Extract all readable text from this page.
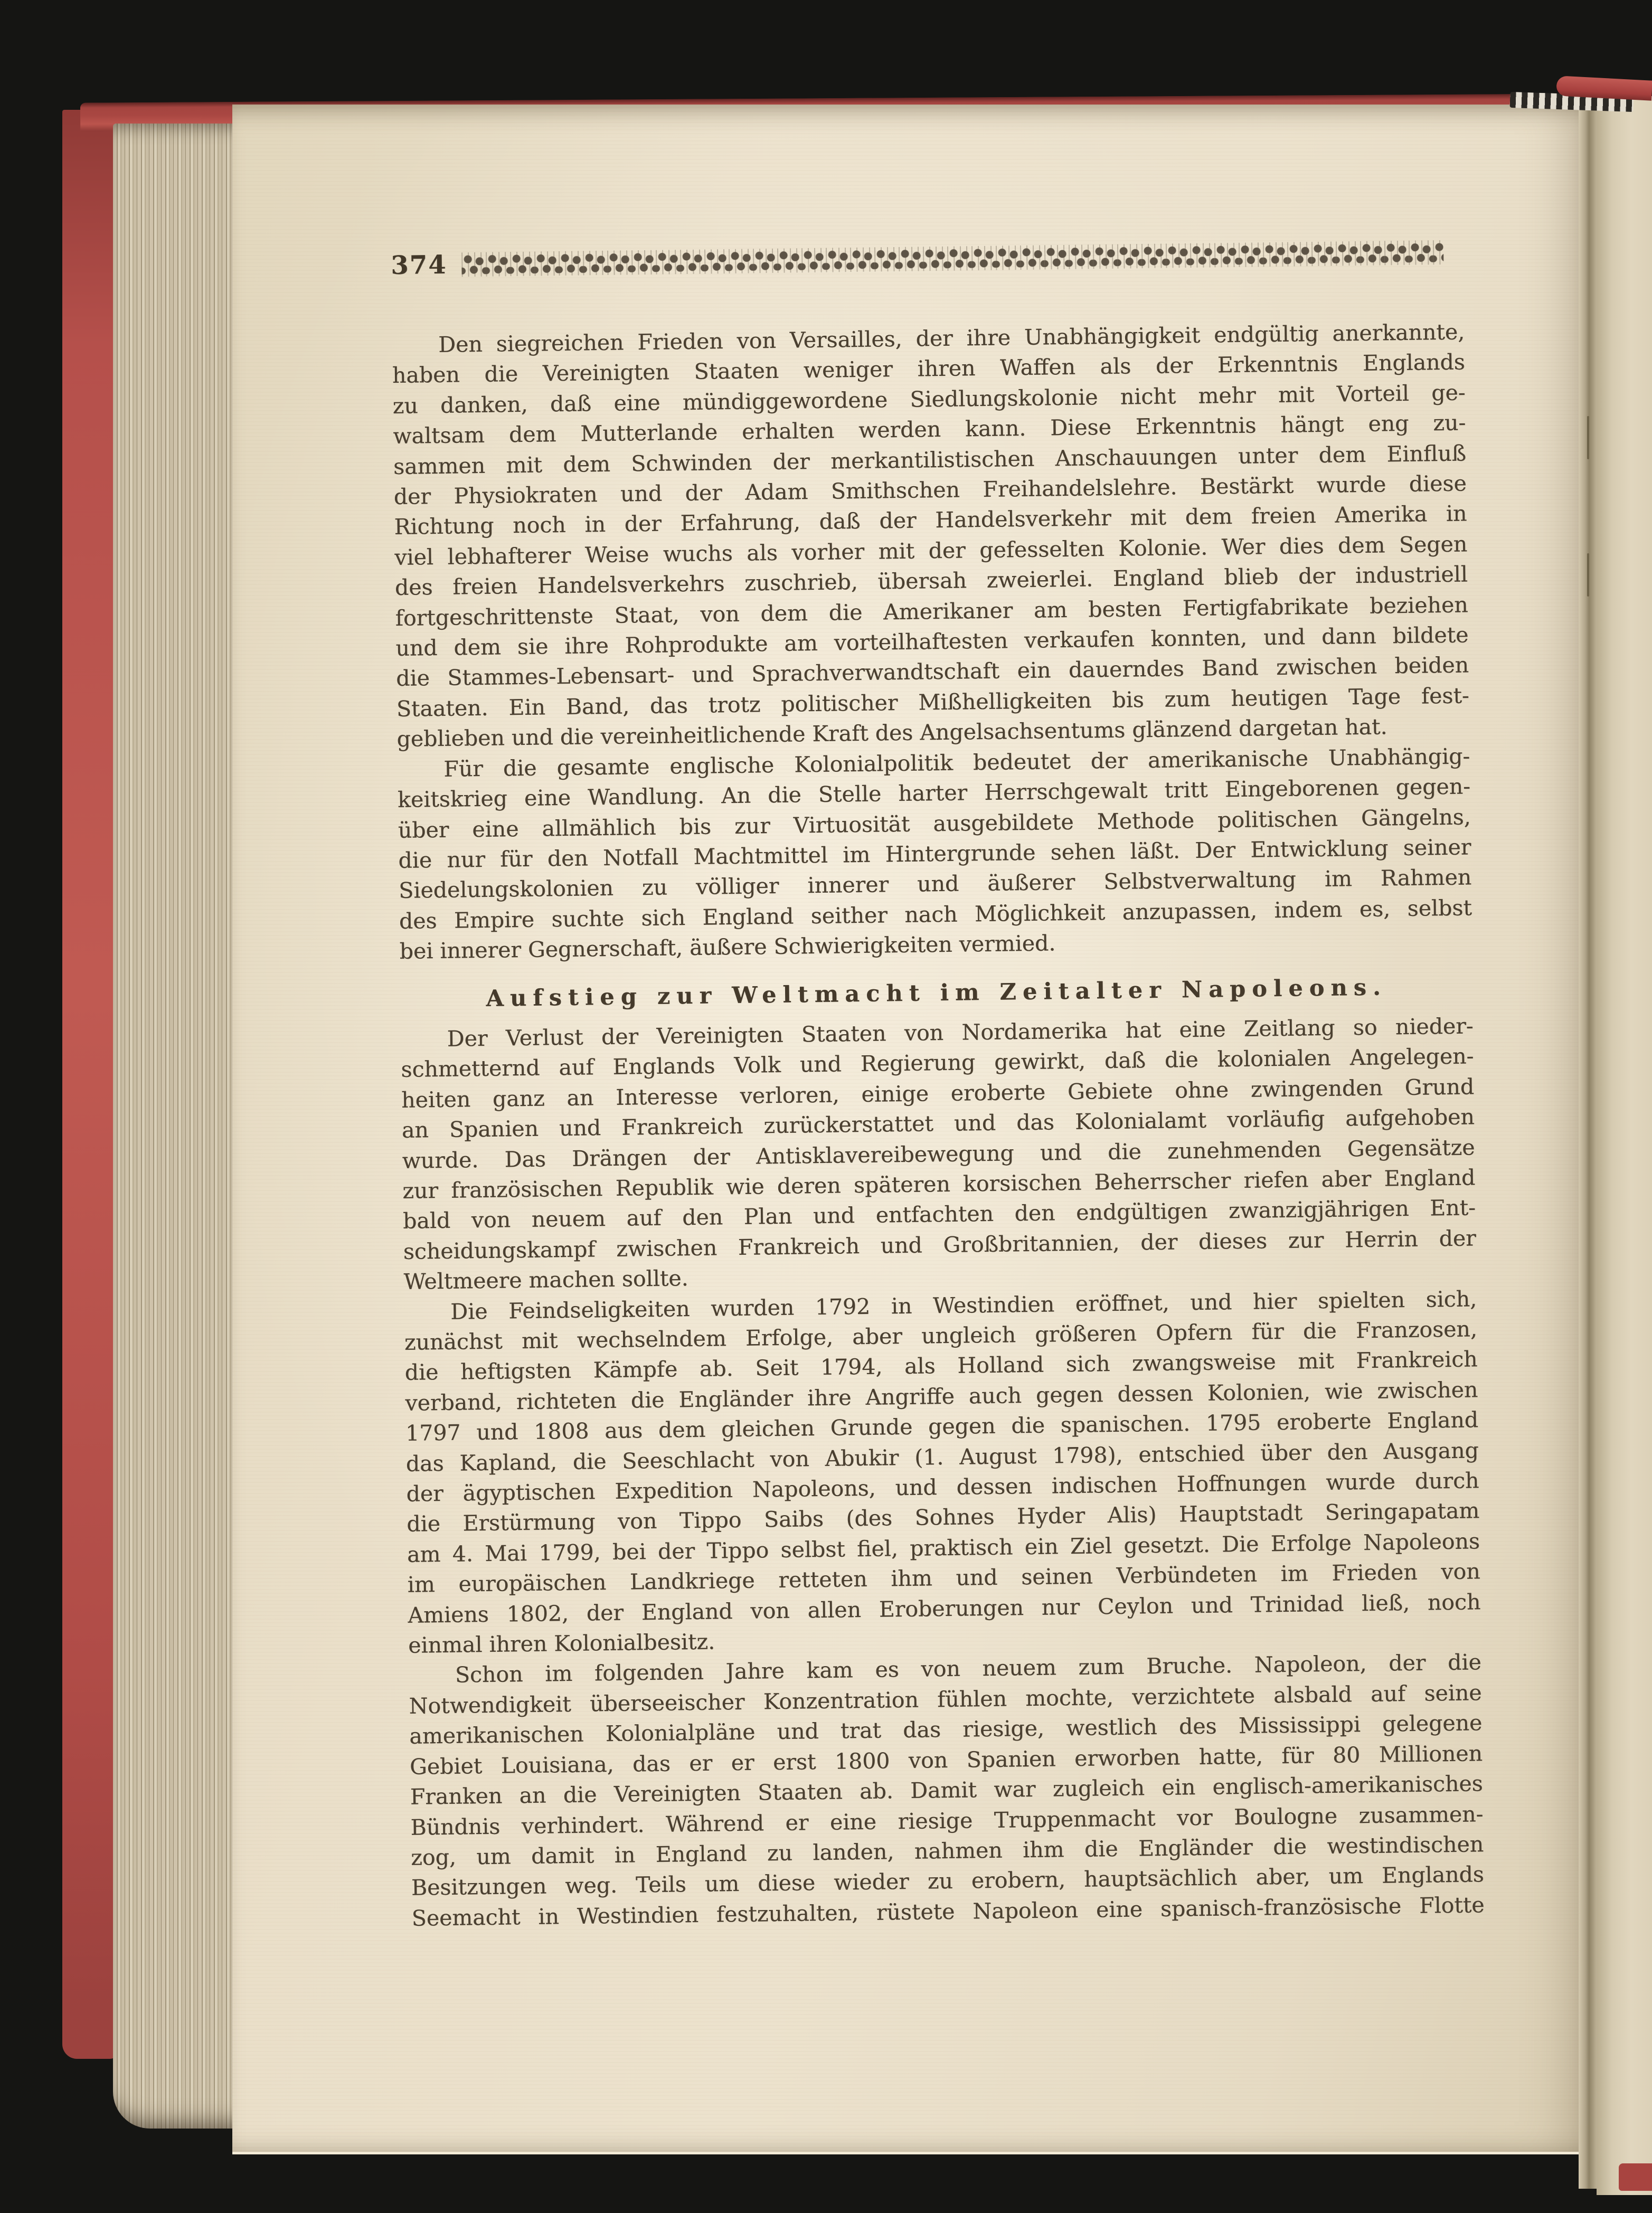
374
Den siegreichen Frieden von Versailles, der ihre Unabhängigkeit endgültig anerkannte,
haben die Vereinigten Staaten weniger ihren Waffen als der Erkenntnis Englands
zu danken, daß eine mündiggewordene Siedlungskolonie nicht mehr mit Vorteil ge-
waltsam dem Mutterlande erhalten werden kann. Diese Erkenntnis hängt eng zu-
sammen mit dem Schwinden der merkantilistischen Anschauungen unter dem Einfluß
der Physiokraten und der Adam Smithschen Freihandelslehre. Bestärkt wurde diese
Richtung noch in der Erfahrung, daß der Handelsverkehr mit dem freien Amerika in
viel lebhafterer Weise wuchs als vorher mit der gefesselten Kolonie. Wer dies dem Segen
des freien Handelsverkehrs zuschrieb, übersah zweierlei. England blieb der industriell
fortgeschrittenste Staat, von dem die Amerikaner am besten Fertigfabrikate beziehen
und dem sie ihre Rohprodukte am vorteilhaftesten verkaufen konnten, und dann bildete
die Stammes-Lebensart- und Sprachverwandtschaft ein dauerndes Band zwischen beiden
Staaten. Ein Band, das trotz politischer Mißhelligkeiten bis zum heutigen Tage fest-
geblieben und die vereinheitlichende Kraft des Angelsachsentums glänzend dargetan hat.
Für die gesamte englische Kolonialpolitik bedeutet der amerikanische Unabhängig-
keitskrieg eine Wandlung. An die Stelle harter Herrschgewalt tritt Eingeborenen gegen-
über eine allmählich bis zur Virtuosität ausgebildete Methode politischen Gängelns,
die nur für den Notfall Machtmittel im Hintergrunde sehen läßt. Der Entwicklung seiner
Siedelungskolonien zu völliger innerer und äußerer Selbstverwaltung im Rahmen
des Empire suchte sich England seither nach Möglichkeit anzupassen, indem es, selbst
bei innerer Gegnerschaft, äußere Schwierigkeiten vermied.
Aufstieg zur Weltmacht im Zeitalter Napoleons.
Der Verlust der Vereinigten Staaten von Nordamerika hat eine Zeitlang so nieder-
schmetternd auf Englands Volk und Regierung gewirkt, daß die kolonialen Angelegen-
heiten ganz an Interesse verloren, einige eroberte Gebiete ohne zwingenden Grund
an Spanien und Frankreich zurückerstattet und das Kolonialamt vorläufig aufgehoben
wurde. Das Drängen der Antisklavereibewegung und die zunehmenden Gegensätze
zur französischen Republik wie deren späteren korsischen Beherrscher riefen aber England
bald von neuem auf den Plan und entfachten den endgültigen zwanzigjährigen Ent-
scheidungskampf zwischen Frankreich und Großbritannien, der dieses zur Herrin der
Weltmeere machen sollte.
Die Feindseligkeiten wurden 1792 in Westindien eröffnet, und hier spielten sich,
zunächst mit wechselndem Erfolge, aber ungleich größeren Opfern für die Franzosen,
die heftigsten Kämpfe ab. Seit 1794, als Holland sich zwangsweise mit Frankreich
verband, richteten die Engländer ihre Angriffe auch gegen dessen Kolonien, wie zwischen
1797 und 1808 aus dem gleichen Grunde gegen die spanischen. 1795 eroberte England
das Kapland, die Seeschlacht von Abukir (1. August 1798), entschied über den Ausgang
der ägyptischen Expedition Napoleons, und dessen indischen Hoffnungen wurde durch
die Erstürmung von Tippo Saibs (des Sohnes Hyder Alis) Hauptstadt Seringapatam
am 4. Mai 1799, bei der Tippo selbst fiel, praktisch ein Ziel gesetzt. Die Erfolge Napoleons
im europäischen Landkriege retteten ihm und seinen Verbündeten im Frieden von
Amiens 1802, der England von allen Eroberungen nur Ceylon und Trinidad ließ, noch
einmal ihren Kolonialbesitz.
Schon im folgenden Jahre kam es von neuem zum Bruche. Napoleon, der die
Notwendigkeit überseeischer Konzentration fühlen mochte, verzichtete alsbald auf seine
amerikanischen Kolonialpläne und trat das riesige, westlich des Mississippi gelegene
Gebiet Louisiana, das er er erst 1800 von Spanien erworben hatte, für 80 Millionen
Franken an die Vereinigten Staaten ab. Damit war zugleich ein englisch-amerikanisches
Bündnis verhindert. Während er eine riesige Truppenmacht vor Boulogne zusammen-
zog, um damit in England zu landen, nahmen ihm die Engländer die westindischen
Besitzungen weg. Teils um diese wieder zu erobern, hauptsächlich aber, um Englands
Seemacht in Westindien festzuhalten, rüstete Napoleon eine spanisch-französische Flotte
